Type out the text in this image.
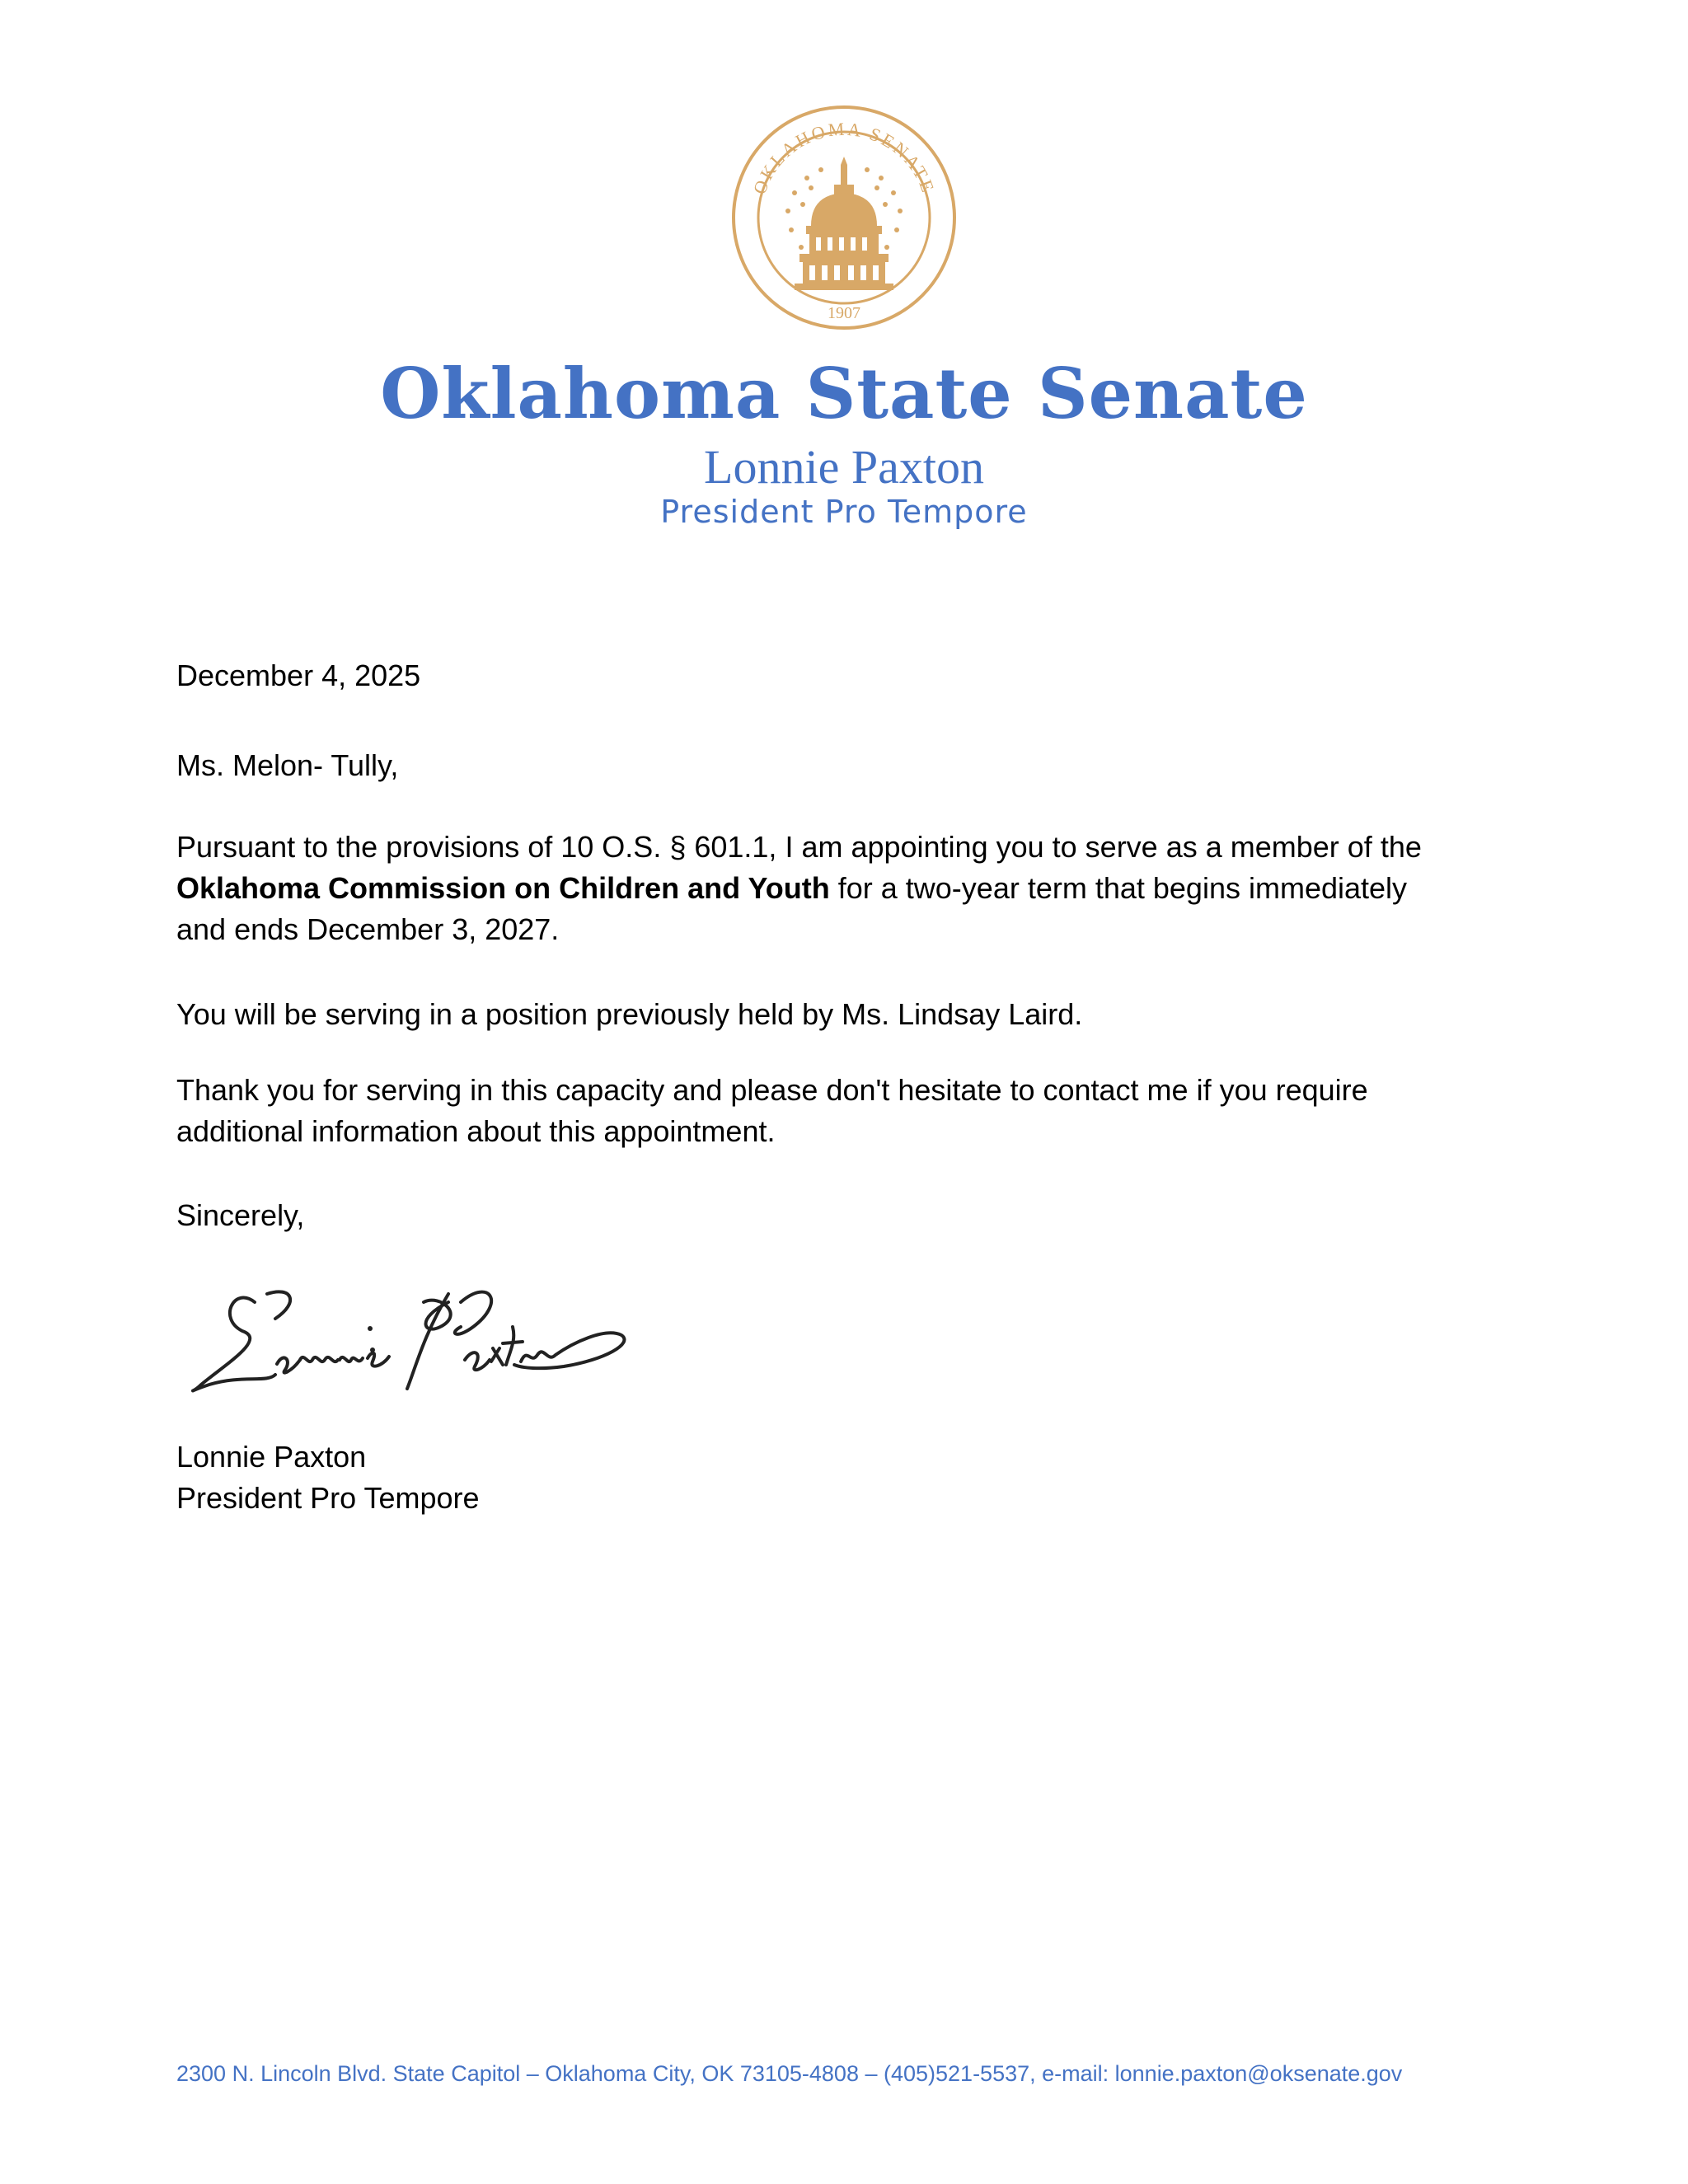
OKLAHOMA SENATE
1907
Oklahoma State Senate
Lonnie Paxton
President Pro Tempore
December 4, 2025
Ms. Melon- Tully,
Pursuant to the provisions of 10 O.S. § 601.1, I am appointing you to serve as a member of the
Oklahoma Commission on Children and Youth for a two-year term that begins immediately
and ends December 3, 2027.
You will be serving in a position previously held by Ms. Lindsay Laird.
Thank you for serving in this capacity and please don't hesitate to contact me if you require
additional information about this appointment.
Sincerely,
Lonnie Paxton
President Pro Tempore
2300 N. Lincoln Blvd. State Capitol – Oklahoma City, OK 73105-4808 – (405)521-5537, e-mail: lonnie.paxton@oksenate.gov
